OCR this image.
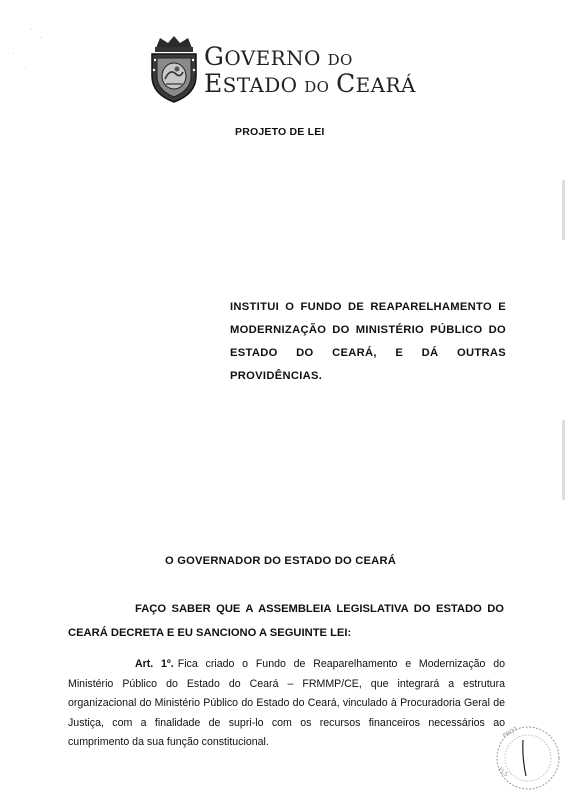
·
.
·
·	GOVERNO DO
ESTADO DO CEARÁ
PROJETO DE LEI
INSTITUI O FUNDO DE REAPARELHAMENTO E MODERNIZAÇÃO DO MINISTÉRIO PÚBLICO DO ESTADO DO CEARÁ, E DÁ OUTRAS PROVIDÊNCIAS.
O GOVERNADOR DO ESTADO DO CEARÁ
FAÇO SABER QUE A ASSEMBLEIA LEGISLATIVA DO ESTADO DO CEARÁ DECRETA E EU SANCIONO A SEGUINTE LEI:
Art. 1º. Fica criado o Fundo de Reaparelhamento e Modernização do Ministério Público do Estado do Ceará – FRMMP/CE, que integrará a estrutura organizacional do Ministério Público do Estado do Ceará, vinculado à Procuradoria Geral de Justiça, com a finalidade de supri-lo com os recursos financeiros necessários ao cumprimento da sua função constitucional.
PROT
FLS
